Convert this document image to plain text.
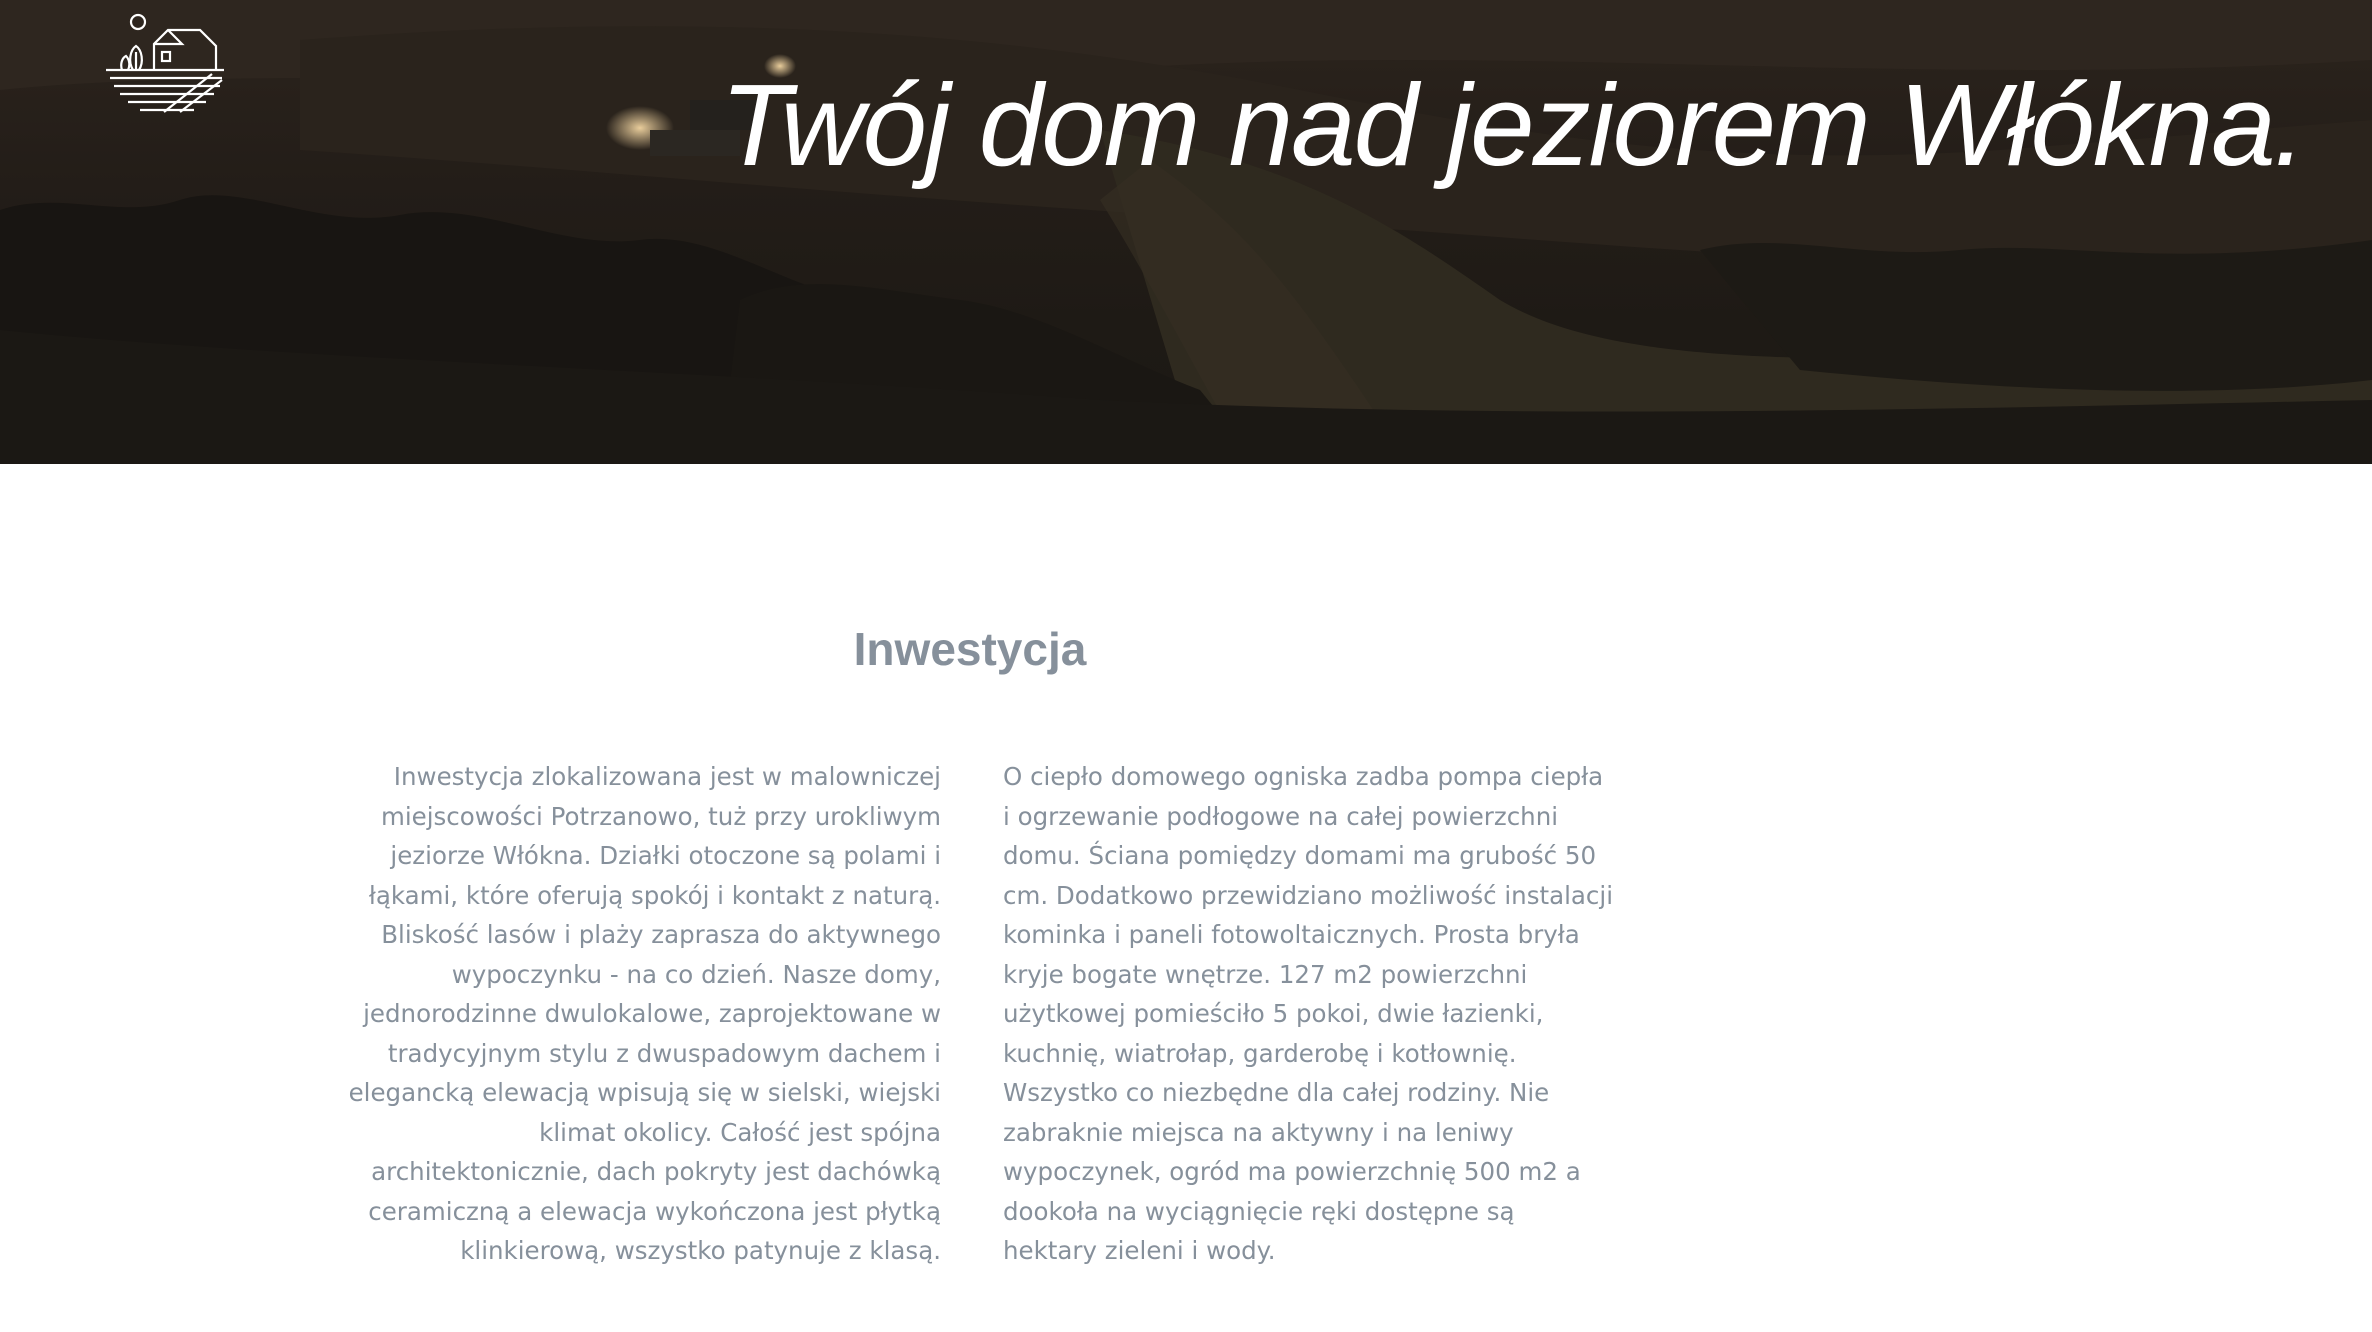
Twój dom nad jeziorem Włókna.
Inwestycja

Inwestycja zlokalizowana jest w malowniczej miejscowości Potrzanowo, tuż przy urokliwym jeziorze Włókna. Działki otoczone są polami i łąkami, które oferują spokój i kontakt z naturą. Bliskość lasów i plaży zaprasza do aktywnego wypoczynku - na co dzień. Nasze domy, jednorodzinne dwulokalowe, zaprojektowane w tradycyjnym stylu z dwuspadowym dachem i elegancką elewacją wpisują się w sielski, wiejski klimat okolicy. Całość jest spójna architektonicznie, dach pokryty jest dachówką ceramiczną a elewacja wykończona jest płytką klinkierową, wszystko patynuje z klasą.

O ciepło domowego ogniska zadba pompa ciepła i ogrzewanie podłogowe na całej powierzchni domu. Ściana pomiędzy domami ma grubość 50 cm. Dodatkowo przewidziano możliwość instalacji kominka i paneli fotowoltaicznych. Prosta bryła kryje bogate wnętrze. 127 m2 powierzchni użytkowej pomieściło 5 pokoi, dwie łazienki, kuchnię, wiatrołap, garderobę i kotłownię. Wszystko co niezbędne dla całej rodziny. Nie zabraknie miejsca na aktywny i na leniwy wypoczynek, ogród ma powierzchnię 500 m2 a dookoła na wyciągnięcie ręki dostępne są hektary zieleni i wody.
